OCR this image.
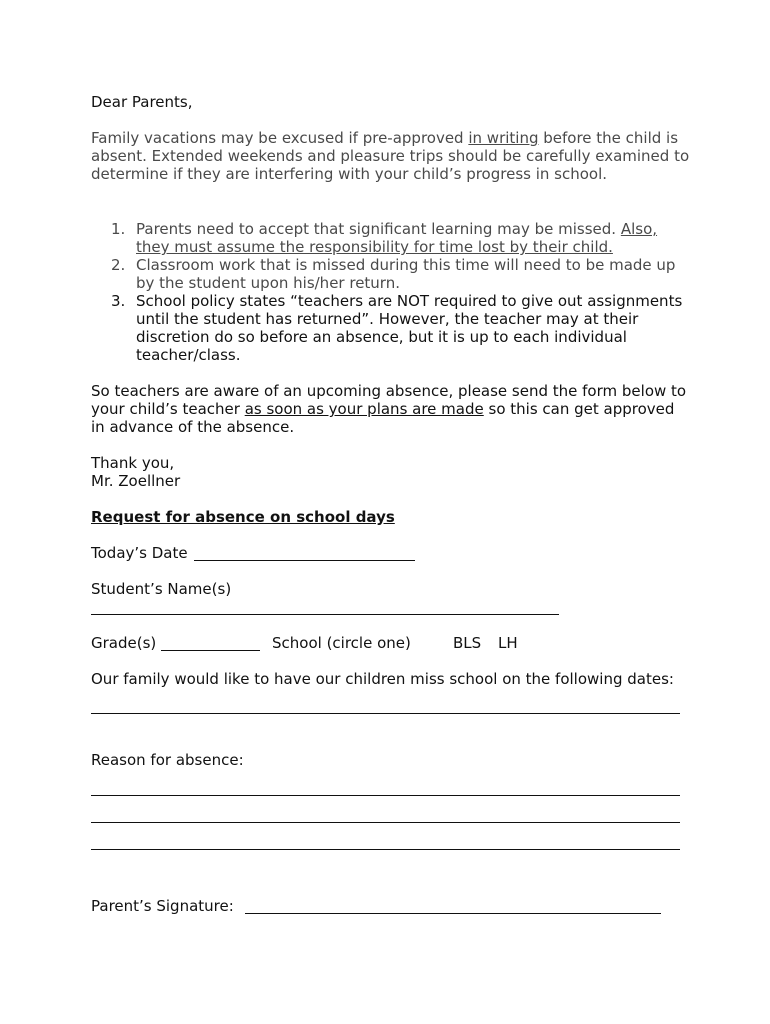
Dear Parents,

Family vacations may be excused if pre-approved in writing before the child is absent. Extended weekends and pleasure trips should be carefully examined to determine if they are interfering with your child’s progress in school.

1. Parents need to accept that significant learning may be missed. Also, they must assume the responsibility for time lost by their child.
2. Classroom work that is missed during this time will need to be made up by the student upon his/her return.
3. School policy states “teachers are NOT required to give out assignments until the student has returned”. However, the teacher may at their discretion do so before an absence, but it is up to each individual teacher/class.

So teachers are aware of an upcoming absence, please send the form below to your child’s teacher as soon as your plans are made so this can get approved in advance of the absence.

Thank you,

Mr. Zoellner

Request for absence on school days

Today’s Date

Student’s Name(s)

Grade(s)	School (circle one)	BLS LH

Our family would like to have our children miss school on the following dates:

Reason for absence:

Parent’s Signature:
